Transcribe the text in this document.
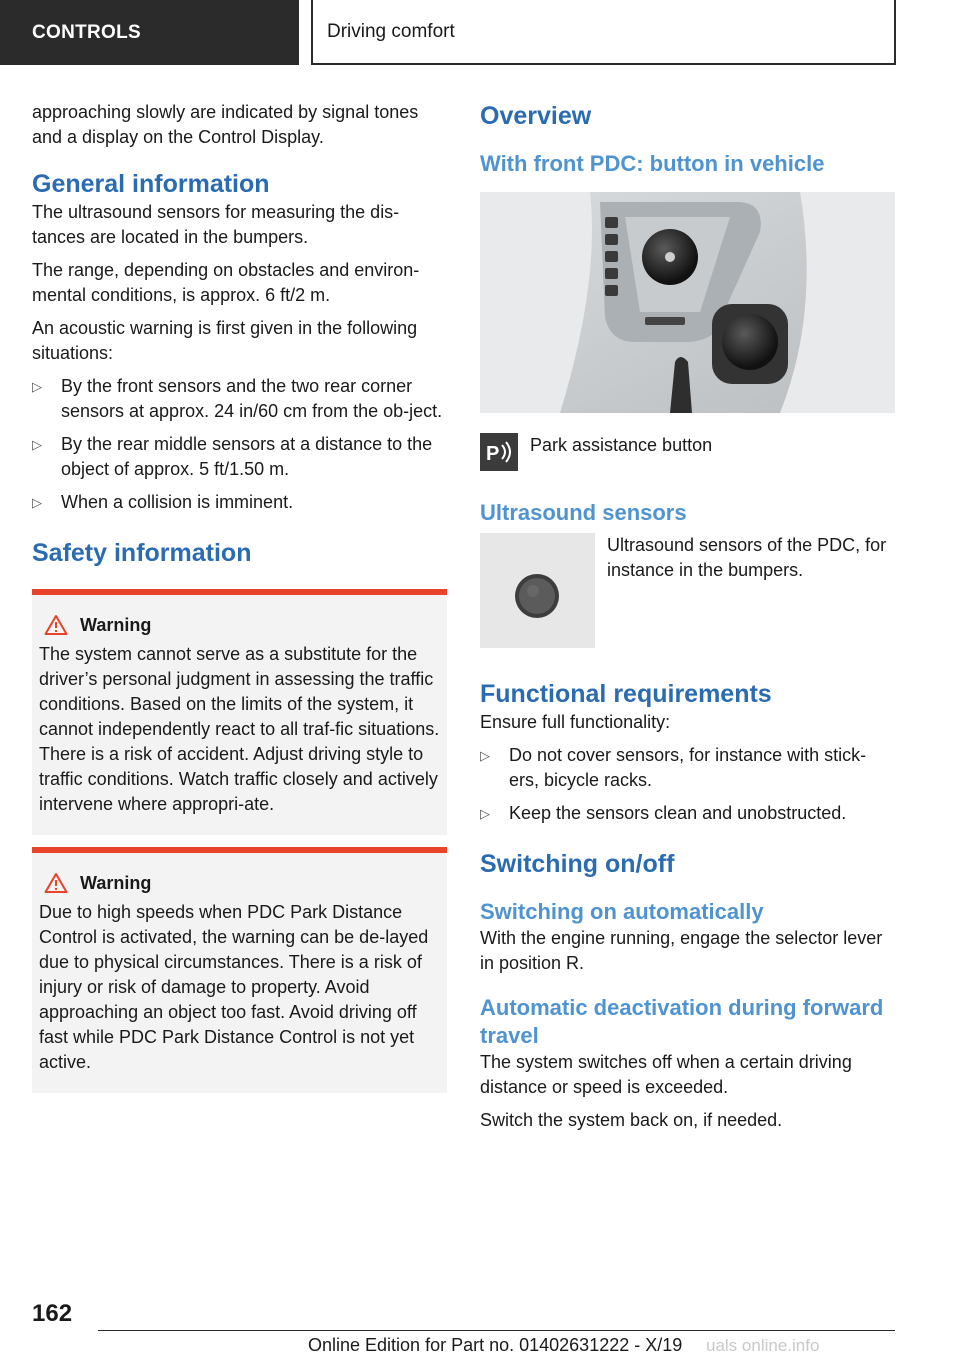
CONTROLS	Driving comfort

approaching slowly are indicated by signal tones and a display on the Control Display.

General information

The ultrasound sensors for measuring the dis-tances are located in the bumpers.

The range, depending on obstacles and environ-mental conditions, is approx. 6 ft/2 m.

An acoustic warning is first given in the following situations:

▷ By the front sensors and the two rear corner sensors at approx. 24 in/60 cm from the ob-ject.
▷ By the rear middle sensors at a distance to the object of approx. 5 ft/1.50 m.
▷ When a collision is imminent.
Safety information
Warning

The system cannot serve as a substitute for the driver’s personal judgment in assessing the traffic conditions. Based on the limits of the system, it cannot independently react to all traf-fic situations. There is a risk of accident. Adjust driving style to traffic conditions. Watch traffic closely and actively intervene where appropri-ate.

Warning

Due to high speeds when PDC Park Distance Control is activated, the warning can be de-layed due to physical circumstances. There is a risk of injury or risk of damage to property. Avoid approaching an object too fast. Avoid driving off fast while PDC Park Distance Control is not yet active.

Overview
With front PDC: button in vehicle
P Park assistance button

Ultrasound sensors

Ultrasound sensors of the PDC, for instance in the bumpers.

Functional requirements

Ensure full functionality:

▷ Do not cover sensors, for instance with stick-ers, bicycle racks.
▷ Keep the sensors clean and unobstructed.
Switching on/off
Switching on automatically

With the engine running, engage the selector lever in position R.

Automatic deactivation during forward travel

The system switches off when a certain driving distance or speed is exceeded.

Switch the system back on, if needed.

162
Online Edition for Part no. 01402631222 - X/19 uals online.info
